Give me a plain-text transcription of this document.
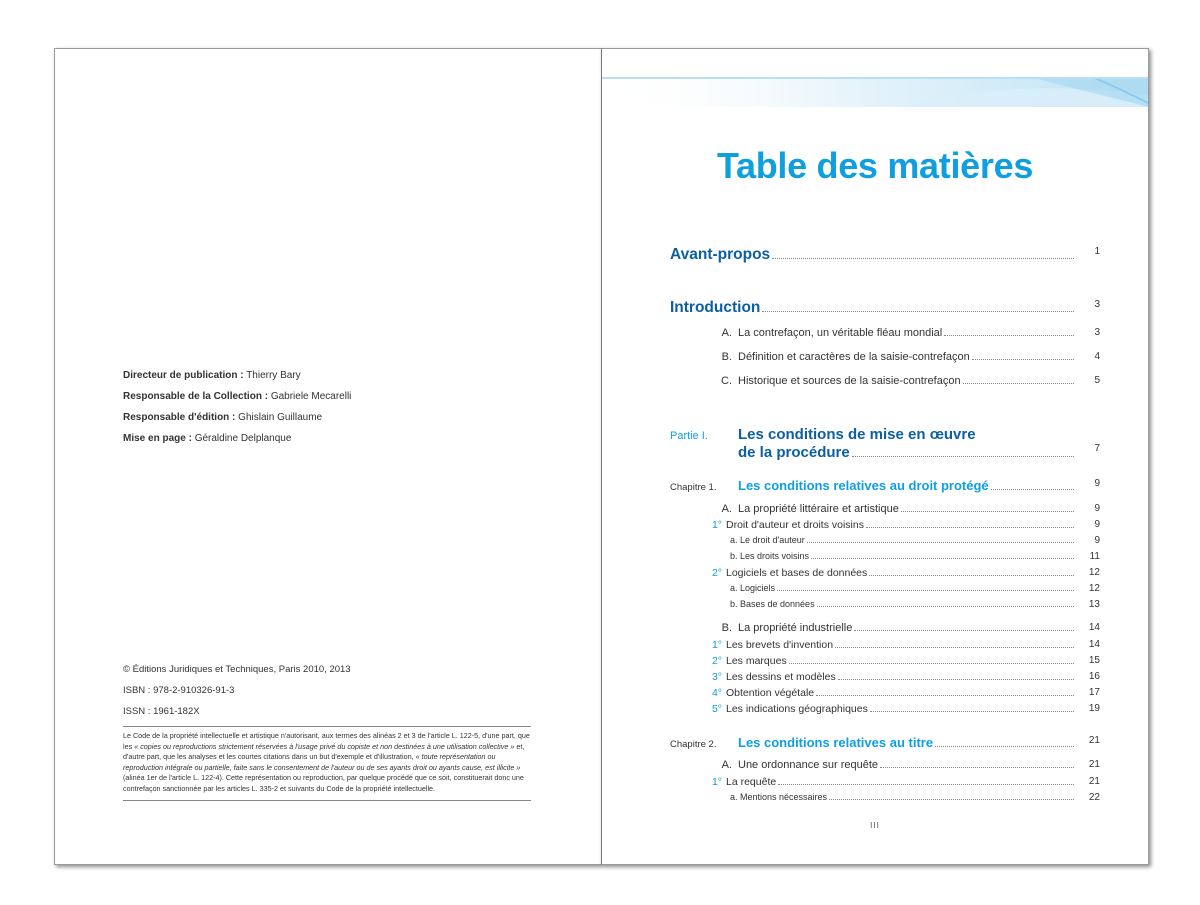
Directeur de publication : Thierry Bary
Responsable de la Collection : Gabriele Mecarelli
Responsable d'édition : Ghislain Guillaume
Mise en page : Géraldine Delplanque
© Éditions Juridiques et Techniques, Paris 2010, 2013
ISBN : 978-2-910326-91-3
ISSN : 1961-182X
Le Code de la propriété intellectuelle et artistique n'autorisant, aux termes des alinéas 2 et 3 de l'article L. 122-5, d'une part, que les « copies ou reproductions strictement réservées à l'usage privé du copiste et non destinées à une utilisation collective » et, d'autre part, que les analyses et les courtes citations dans un but d'exemple et d'illustration, « toute représentation ou reproduction intégrale ou partielle, faite sans le consentement de l'auteur ou de ses ayants droit ou ayants cause, est illicite » (alinéa 1er de l'article L. 122-4). Cette représentation ou reproduction, par quelque procédé que ce soit, constituerait donc une contrefaçon sanctionnée par les articles L. 335-2 et suivants du Code de la propriété intellectuelle.
Table des matières
Avant-propos	1
Introduction	3
A. La contrefaçon, un véritable fléau mondial	3
B. Définition et caractères de la saisie-contrefaçon	4
C. Historique et sources de la saisie-contrefaçon	5
Partie I.	Les conditions de mise en œuvre
de la procédure	7
Chapitre 1.	Les conditions relatives au droit protégé	9
A. La propriété littéraire et artistique	9
1° Droit d'auteur et droits voisins	9
a. Le droit d'auteur	9
b. Les droits voisins	11
2° Logiciels et bases de données	12
a. Logiciels	12
b. Bases de données	13
B. La propriété industrielle	14
1° Les brevets d'invention	14
2° Les marques	15
3° Les dessins et modèles	16
4° Obtention végétale	17
5° Les indications géographiques	19
Chapitre 2.	Les conditions relatives au titre	21
A. Une ordonnance sur requête	21
1° La requête	21
a. Mentions nécessaires	22
III
